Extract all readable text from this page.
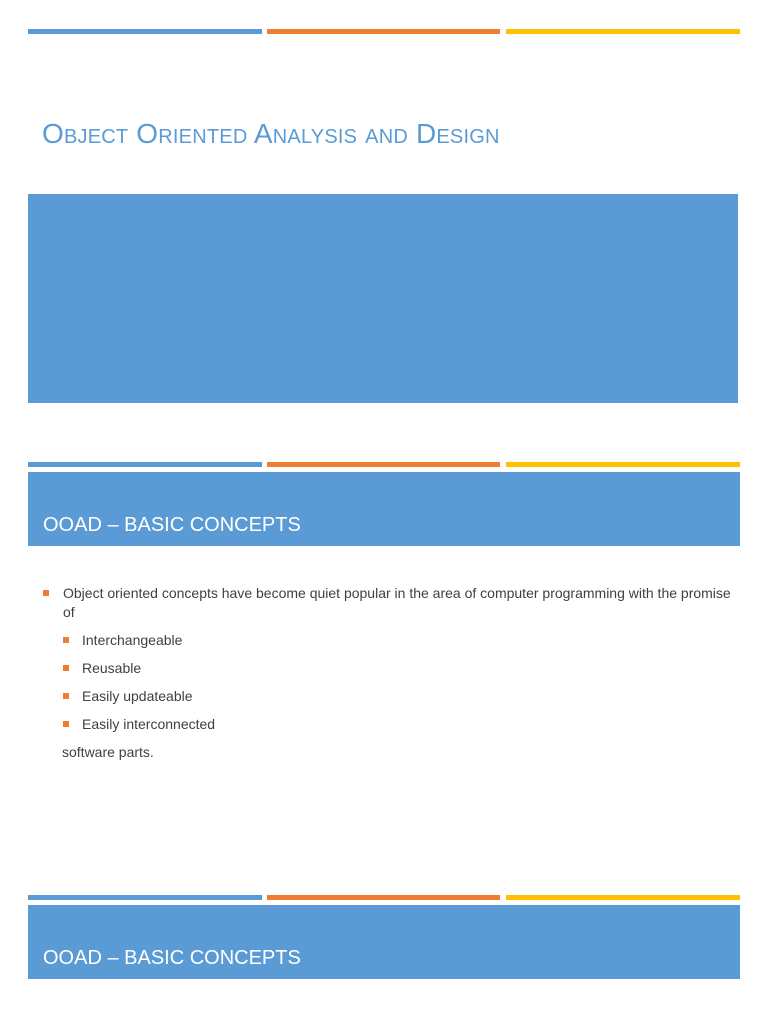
Object Oriented Analysis and Design
OOAD – BASIC CONCEPTS
Object oriented concepts have become quiet popular in the area of computer programming with the promise of
Interchangeable
Reusable
Easily updateable
Easily interconnected
software parts.
OOAD – BASIC CONCEPTS
